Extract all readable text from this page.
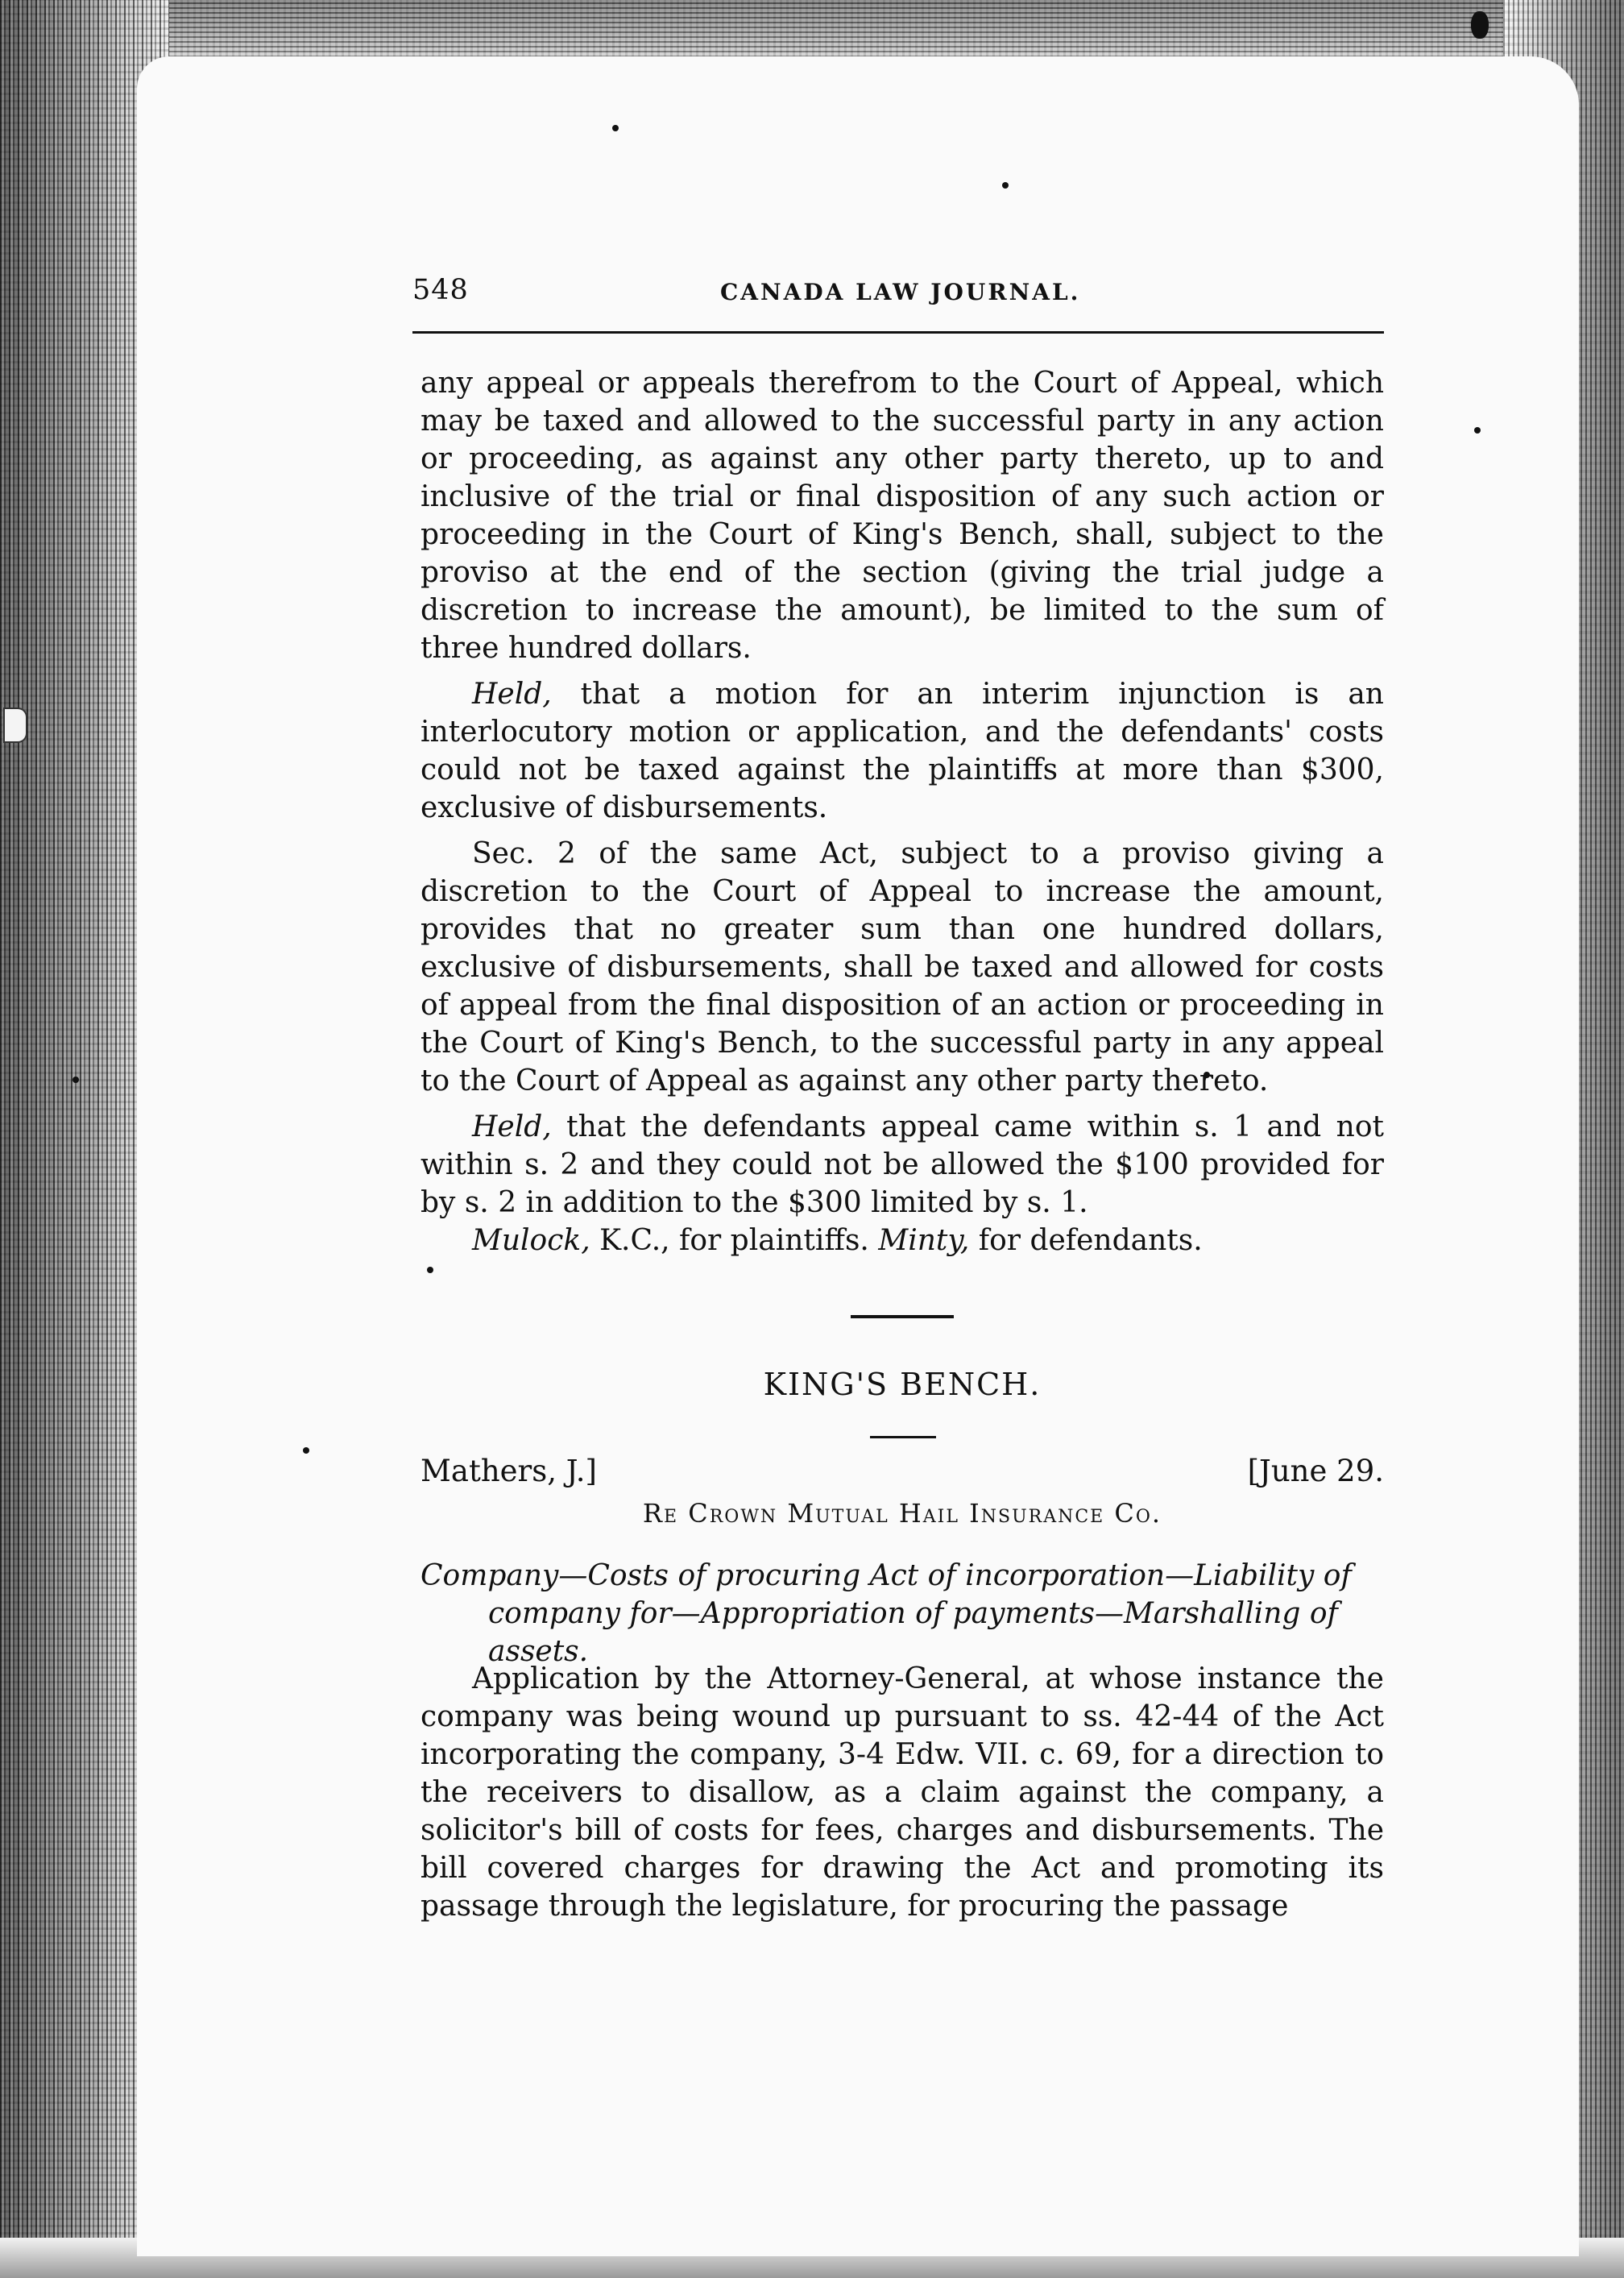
548	CANADA LAW JOURNAL.

any appeal or appeals therefrom to the Court of Appeal, which may be taxed and allowed to the successful party in any action or proceeding, as against any other party thereto, up to and inclusive of the trial or final disposition of any such action or proceeding in the Court of King's Bench, shall, subject to the proviso at the end of the section (giving the trial judge a discretion to increase the amount), be limited to the sum of three hundred dollars.

Held, that a motion for an interim injunction is an interlocutory motion or application, and the defendants' costs could not be taxed against the plaintiffs at more than $300, exclusive of disbursements.

Sec. 2 of the same Act, subject to a proviso giving a discretion to the Court of Appeal to increase the amount, provides that no greater sum than one hundred dollars, exclusive of disbursements, shall be taxed and allowed for costs of appeal from the final disposition of an action or proceeding in the Court of King's Bench, to the successful party in any appeal to the Court of Appeal as against any other party thereto.

Held, that the defendants appeal came within s. 1 and not within s. 2 and they could not be allowed the $100 provided for by s. 2 in addition to the $300 limited by s. 1.

Mulock, K.C., for plaintiffs. Minty, for defendants.

KING'S BENCH.
Mathers, J.]	[June 29.
Re Crown Mutual Hail Insurance Co.
Company—Costs of procuring Act of incorporation—Liability of company for—Appropriation of payments—Marshalling of assets.
Application by the Attorney-General, at whose instance the company was being wound up pursuant to ss. 42-44 of the Act incorporating the company, 3-4 Edw. VII. c. 69, for a direction to the receivers to disallow, as a claim against the company, a solicitor's bill of costs for fees, charges and disbursements. The bill covered charges for drawing the Act and promoting its passage through the legislature, for procuring the passage
